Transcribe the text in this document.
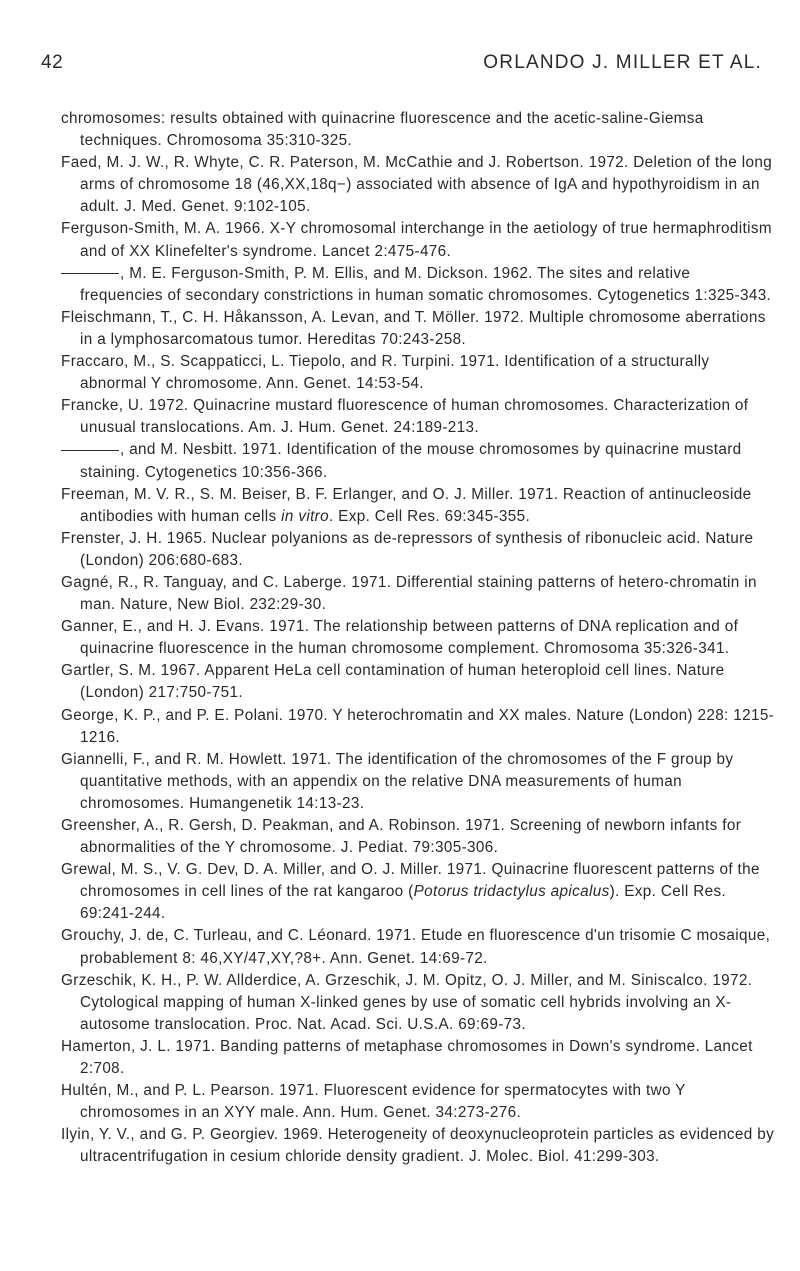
42	ORLANDO J. MILLER ET AL.

chromosomes: results obtained with quinacrine fluorescence and the acetic-saline-Giemsa techniques. Chromosoma 35:310-325.

Faed, M. J. W., R. Whyte, C. R. Paterson, M. McCathie and J. Robertson. 1972. Deletion of the long arms of chromosome 18 (46,XX,18q−) associated with absence of IgA and hypothyroidism in an adult. J. Med. Genet. 9:102-105.

Ferguson-Smith, M. A. 1966. X-Y chromosomal interchange in the aetiology of true hermaphroditism and of XX Klinefelter's syndrome. Lancet 2:475-476.

, M. E. Ferguson-Smith, P. M. Ellis, and M. Dickson. 1962. The sites and relative frequencies of secondary constrictions in human somatic chromosomes. Cytogenetics 1:325-343.

Fleischmann, T., C. H. Håkansson, A. Levan, and T. Möller. 1972. Multiple chromosome aberrations in a lymphosarcomatous tumor. Hereditas 70:243-258.

Fraccaro, M., S. Scappaticci, L. Tiepolo, and R. Turpini. 1971. Identification of a structurally abnormal Y chromosome. Ann. Genet. 14:53-54.

Francke, U. 1972. Quinacrine mustard fluorescence of human chromosomes. Characterization of unusual translocations. Am. J. Hum. Genet. 24:189-213.

, and M. Nesbitt. 1971. Identification of the mouse chromosomes by quinacrine mustard staining. Cytogenetics 10:356-366.

Freeman, M. V. R., S. M. Beiser, B. F. Erlanger, and O. J. Miller. 1971. Reaction of antinucleoside antibodies with human cells in vitro. Exp. Cell Res. 69:345-355.

Frenster, J. H. 1965. Nuclear polyanions as de-repressors of synthesis of ribonucleic acid. Nature (London) 206:680-683.

Gagné, R., R. Tanguay, and C. Laberge. 1971. Differential staining patterns of hetero-chromatin in man. Nature, New Biol. 232:29-30.

Ganner, E., and H. J. Evans. 1971. The relationship between patterns of DNA replication and of quinacrine fluorescence in the human chromosome complement. Chromosoma 35:326-341.

Gartler, S. M. 1967. Apparent HeLa cell contamination of human heteroploid cell lines. Nature (London) 217:750-751.

George, K. P., and P. E. Polani. 1970. Y heterochromatin and XX males. Nature (London) 228: 1215-1216.

Giannelli, F., and R. M. Howlett. 1971. The identification of the chromosomes of the F group by quantitative methods, with an appendix on the relative DNA measurements of human chromosomes. Humangenetik 14:13-23.

Greensher, A., R. Gersh, D. Peakman, and A. Robinson. 1971. Screening of newborn infants for abnormalities of the Y chromosome. J. Pediat. 79:305-306.

Grewal, M. S., V. G. Dev, D. A. Miller, and O. J. Miller. 1971. Quinacrine fluorescent patterns of the chromosomes in cell lines of the rat kangaroo (Potorus tridactylus apicalus). Exp. Cell Res. 69:241-244.

Grouchy, J. de, C. Turleau, and C. Léonard. 1971. Etude en fluorescence d'un trisomie C mosaique, probablement 8: 46,XY/47,XY,?8+. Ann. Genet. 14:69-72.

Grzeschik, K. H., P. W. Allderdice, A. Grzeschik, J. M. Opitz, O. J. Miller, and M. Siniscalco. 1972. Cytological mapping of human X-linked genes by use of somatic cell hybrids involving an X-autosome translocation. Proc. Nat. Acad. Sci. U.S.A. 69:69-73.

Hamerton, J. L. 1971. Banding patterns of metaphase chromosomes in Down's syndrome. Lancet 2:708.

Hultén, M., and P. L. Pearson. 1971. Fluorescent evidence for spermatocytes with two Y chromosomes in an XYY male. Ann. Hum. Genet. 34:273-276.

Ilyin, Y. V., and G. P. Georgiev. 1969. Heterogeneity of deoxynucleoprotein particles as evidenced by ultracentrifugation in cesium chloride density gradient. J. Molec. Biol. 41:299-303.
